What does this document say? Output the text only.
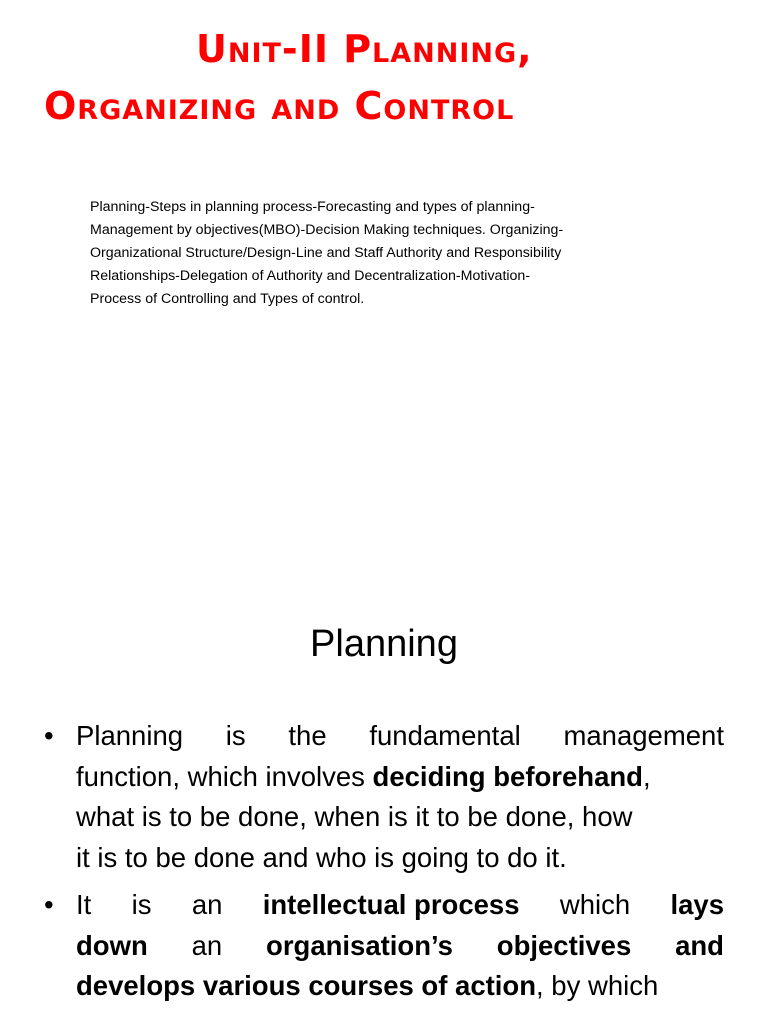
Unit-II Planning,
Organizing and Control
Planning-Steps in planning process-Forecasting and types of planning-
Management by objectives(MBO)-Decision Making techniques. Organizing-
Organizational Structure/Design-Line and Staff Authority and Responsibility
Relationships-Delegation of Authority and Decentralization-Motivation-
Process of Controlling and Types of control.
Planning
• Planning is the fundamental management
function, which involves deciding beforehand,
what is to be done, when is it to be done, how
it is to be done and who is going to do it.
• It is an intellectual process which lays
down an organisation’s objectives and
develops various courses of action, by which
